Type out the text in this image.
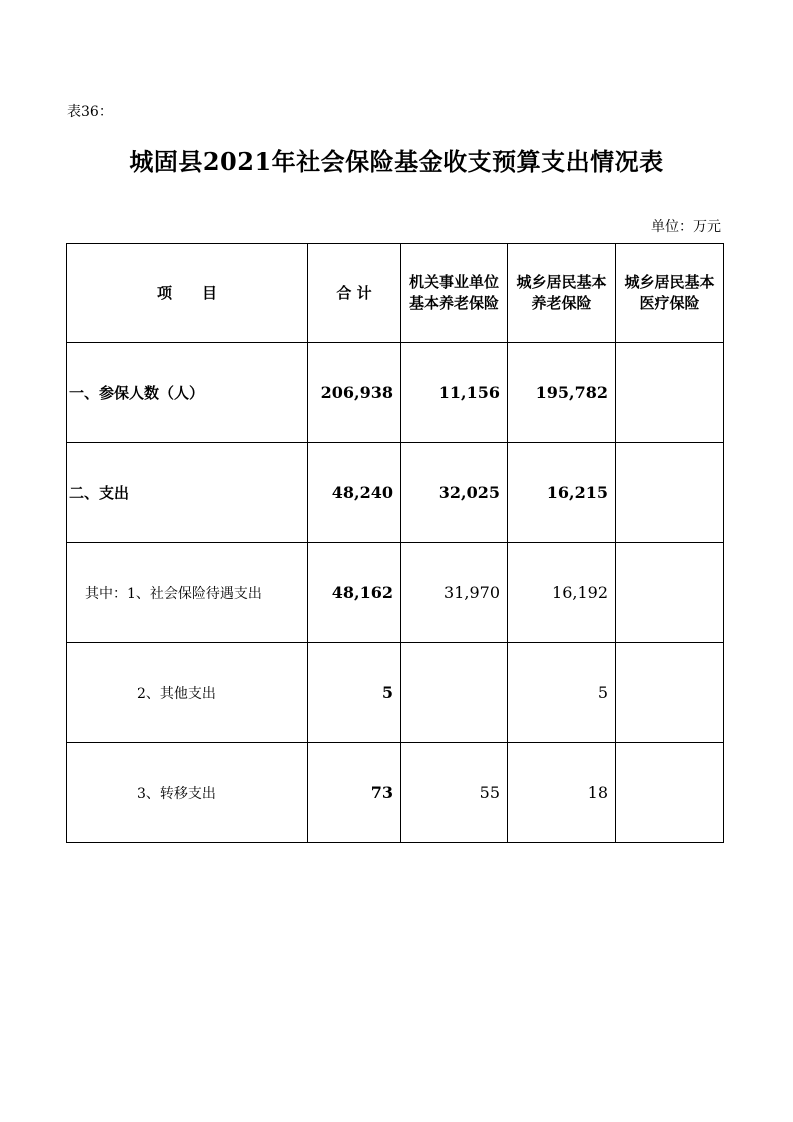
表36：
城固县2021年社会保险基金收支预算支出情况表
单位：万元
项　　目	合 计	机关事业单位基本养老保险	城乡居民基本养老保险	城乡居民基本医疗保险
一、参保人数（人）	206,938	11,156	195,782	
二、支出	48,240	32,025	16,215	
其中：1、社会保险待遇支出	48,162	31,970	16,192	
2、其他支出	5		5	
3、转移支出	73	55	18	
